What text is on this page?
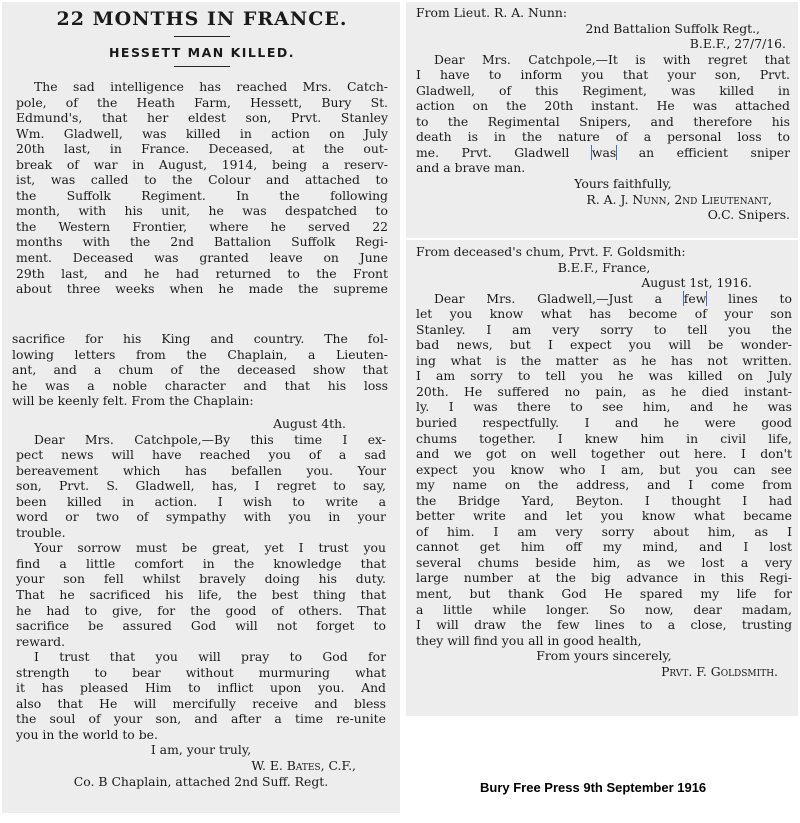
22 MONTHS IN FRANCE.
HESSETT MAN KILLED.
The sad intelligence has reached Mrs. Catch-
pole, of the Heath Farm, Hessett, Bury St.
Edmund's, that her eldest son, Prvt. Stanley
Wm. Gladwell, was killed in action on July
20th last, in France. Deceased, at the out-
break of war in August, 1914, being a reserv-
ist, was called to the Colour and attached to
the Suffolk Regiment. In the following
month, with his unit, he was despatched to
the Western Frontier, where he served 22
months with the 2nd Battalion Suffolk Regi-
ment. Deceased was granted leave on June
29th last, and he had returned to the Front
about three weeks when he made the supreme
sacrifice for his King and country. The fol-
lowing letters from the Chaplain, a Lieuten-
ant, and a chum of the deceased show that
he was a noble character and that his loss
will be keenly felt. From the Chaplain:
August 4th.
Dear Mrs. Catchpole,—By this time I ex-
pect news will have reached you of a sad
bereavement which has befallen you. Your
son, Prvt. S. Gladwell, has, I regret to say,
been killed in action. I wish to write a
word or two of sympathy with you in your
trouble.
Your sorrow must be great, yet I trust you
find a little comfort in the knowledge that
your son fell whilst bravely doing his duty.
That he sacrificed his life, the best thing that
he had to give, for the good of others. That
sacrifice be assured God will not forget to
reward.
I trust that you will pray to God for
strength to bear without murmuring what
it has pleased Him to inflict upon you. And
also that He will mercifully receive and bless
the soul of your son, and after a time re-unite
you in the world to be.
I am, your truly,
W. E. Bates, C.F.,
Co. B Chaplain, attached 2nd Suff. Regt.
From Lieut. R. A. Nunn:
2nd Battalion Suffolk Regt.,
B.E.F., 27/7/16.
Dear Mrs. Catchpole,—It is with regret that
I have to inform you that your son, Prvt.
Gladwell, of this Regiment, was killed in
action on the 20th instant. He was attached
to the Regimental Snipers, and therefore his
death is in the nature of a personal loss to
me. Prvt. Gladwell was an efficient sniper
and a brave man.
Yours faithfully,
R. A. J. Nunn, 2nd Lieutenant,
O.C. Snipers.
From deceased's chum, Prvt. F. Goldsmith:
B.E.F., France,
August 1st, 1916.
Dear Mrs. Gladwell,—Just a few lines to
let you know what has become of your son
Stanley. I am very sorry to tell you the
bad news, but I expect you will be wonder-
ing what is the matter as he has not written.
I am sorry to tell you he was killed on July
20th. He suffered no pain, as he died instant-
ly. I was there to see him, and he was
buried respectfully. I and he were good
chums together. I knew him in civil life,
and we got on well together out here. I don't
expect you know who I am, but you can see
my name on the address, and I come from
the Bridge Yard, Beyton. I thought I had
better write and let you know what became
of him. I am very sorry about him, as I
cannot get him off my mind, and I lost
several chums beside him, as we lost a very
large number at the big advance in this Regi-
ment, but thank God He spared my life for
a little while longer. So now, dear madam,
I will draw the few lines to a close, trusting
they will find you all in good health,
From yours sincerely,
Prvt. F. Goldsmith.
Bury Free Press 9th September 1916
